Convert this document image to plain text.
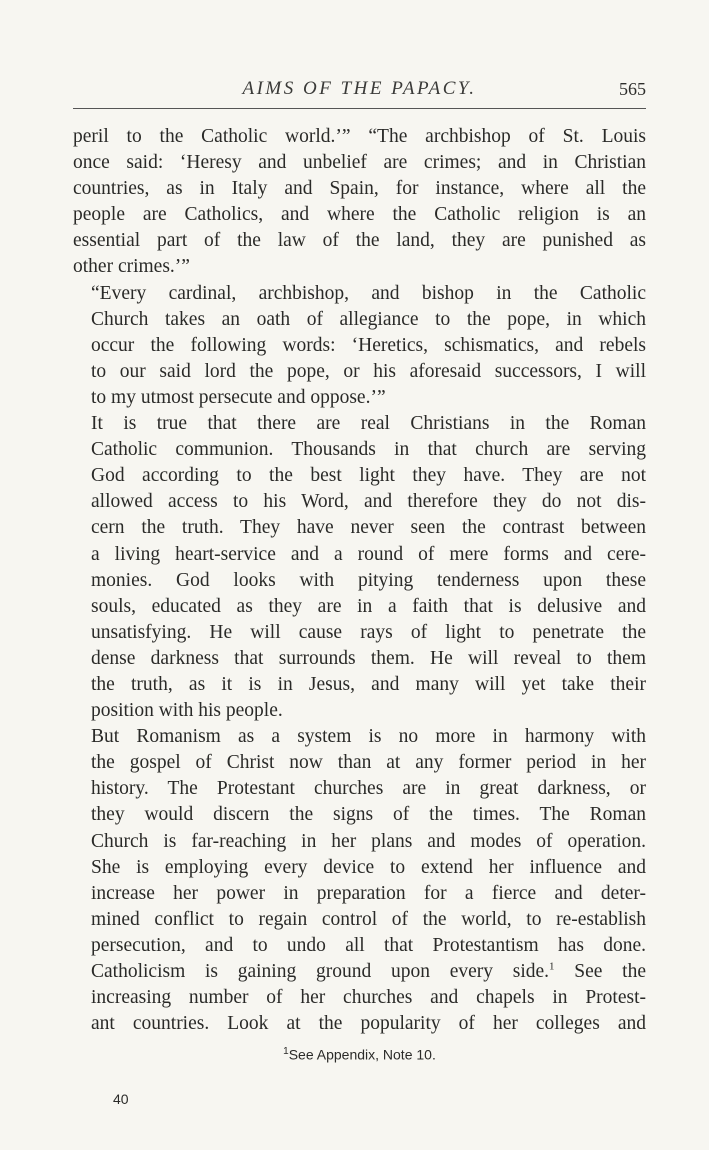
AIMS OF THE PAPACY.	565

peril to the Catholic world.’” “The archbishop of St. Louis
once said: ‘Heresy and unbelief are crimes; and in Christian
countries, as in Italy and Spain, for instance, where all the
people are Catholics, and where the Catholic religion is an
essential part of the law of the land, they are punished as
other crimes.’”

“Every cardinal, archbishop, and bishop in the Catholic
Church takes an oath of allegiance to the pope, in which
occur the following words: ‘Heretics, schismatics, and rebels
to our said lord the pope, or his aforesaid successors, I will
to my utmost persecute and oppose.’”

It is true that there are real Christians in the Roman
Catholic communion. Thousands in that church are serving
God according to the best light they have. They are not
allowed access to his Word, and therefore they do not dis-
cern the truth. They have never seen the contrast between
a living heart-service and a round of mere forms and cere-
monies. God looks with pitying tenderness upon these
souls, educated as they are in a faith that is delusive and
unsatisfying. He will cause rays of light to penetrate the
dense darkness that surrounds them. He will reveal to them
the truth, as it is in Jesus, and many will yet take their
position with his people.

But Romanism as a system is no more in harmony with
the gospel of Christ now than at any former period in her
history. The Protestant churches are in great darkness, or
they would discern the signs of the times. The Roman
Church is far-reaching in her plans and modes of operation.
She is employing every device to extend her influence and
increase her power in preparation for a fierce and deter-
mined conflict to regain control of the world, to re-establish
persecution, and to undo all that Protestantism has done.
Catholicism is gaining ground upon every side.$^1$ See the
increasing number of her churches and chapels in Protest-
ant countries. Look at the popularity of her colleges and

$^1$See Appendix, Note 10.
40
